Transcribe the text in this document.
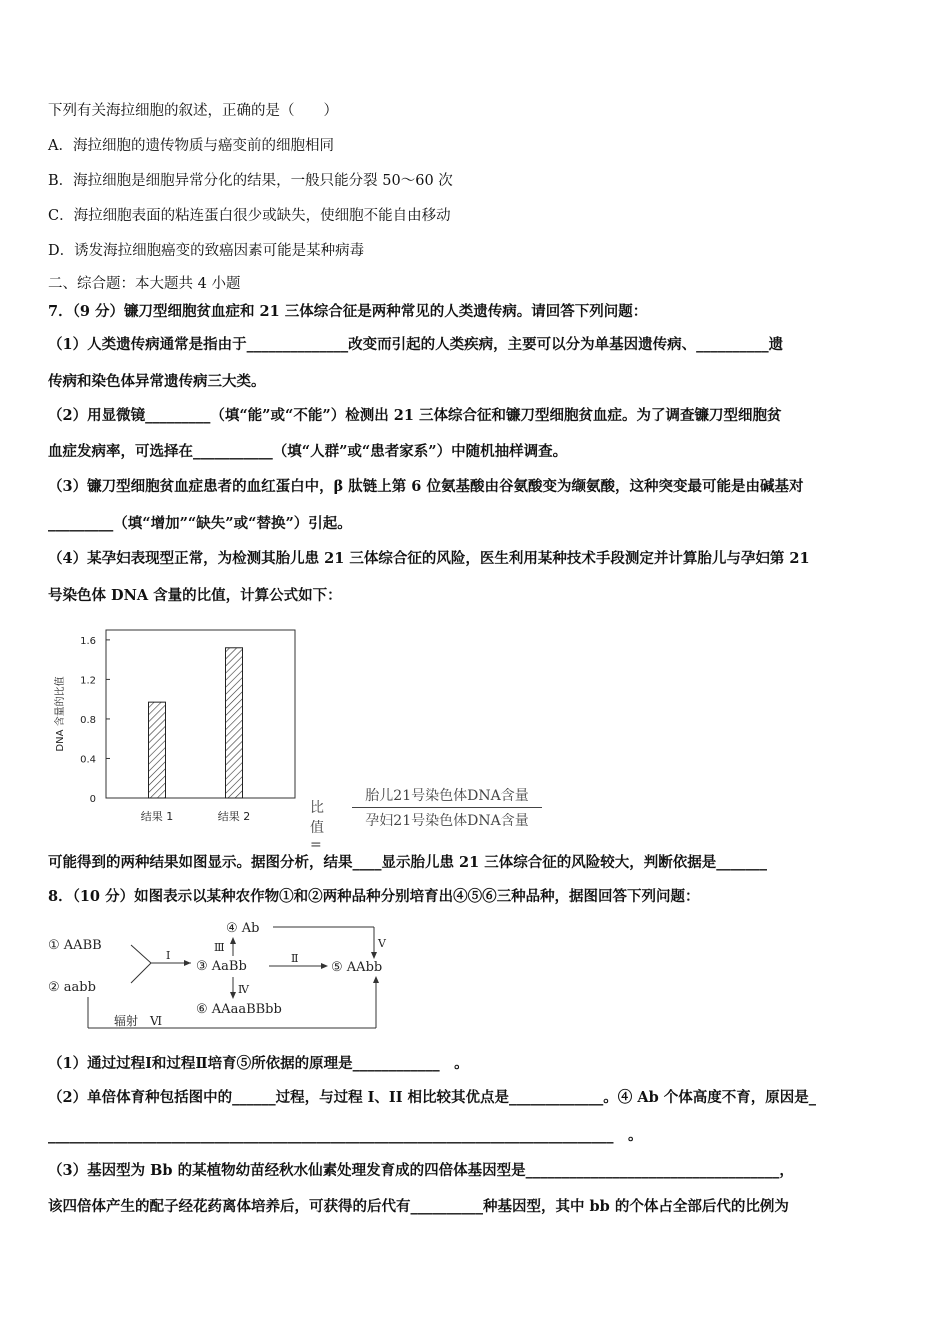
下列有关海拉细胞的叙述，正确的是（　　）
A．海拉细胞的遗传物质与癌变前的细胞相同
B．海拉细胞是细胞异常分化的结果，一般只能分裂 50～60 次
C．海拉细胞表面的粘连蛋白很少或缺失，使细胞不能自由移动
D．诱发海拉细胞癌变的致癌因素可能是某种病毒
二、综合题：本大题共 4 小题
7．（9 分）镰刀型细胞贫血症和 21 三体综合征是两种常见的人类遗传病。请回答下列问题：
（1）人类遗传病通常是指由于______________改变而引起的人类疾病，主要可以分为单基因遗传病、__________遗
传病和染色体异常遗传病三大类。
（2）用显微镜_________（填“能”或“不能”）检测出 21 三体综合征和镰刀型细胞贫血症。为了调查镰刀型细胞贫
血症发病率，可选择在___________（填“人群”或“患者家系”）中随机抽样调查。
（3）镰刀型细胞贫血症患者的血红蛋白中，β 肽链上第 6 位氨基酸由谷氨酸变为缬氨酸，这种突变最可能是由碱基对
_________（填“增加”“缺失”或“替换”）引起。
（4）某孕妇表现型正常，为检测其胎儿患 21 三体综合征的风险，医生利用某种技术手段测定并计算胎儿与孕妇第 21
号染色体 DNA 含量的比值，计算公式如下：
0
0.4
0.8
1.2
1.6
DNA 含量的比值
结果 1	结果 2
比值=
胎儿21号染色体DNA含量
孕妇21号染色体DNA含量
可能得到的两种结果如图显示。据图分析，结果____显示胎儿患 21 三体综合征的风险较大，判断依据是_______
8．（10 分）如图表示以某种农作物①和②两种品种分别培育出④⑤⑥三种品种，据图回答下列问题：
① AABB
② aabb
Ⅰ
③ AaBb
④ Ab
Ⅲ	Ⅴ
Ⅱ
⑤ AAbb
Ⅳ
⑥ AAaaBBbb
辐射　Ⅵ
（1）通过过程Ⅰ和过程Ⅱ培育⑤所依据的原理是____________　。
（2）单倍体育种包括图中的______过程，与过程 I、II 相比较其优点是_____________。④ Ab 个体高度不育，原因是_
______________________________________________________________________________　。
（3）基因型为 Bb 的某植物幼苗经秋水仙素处理发育成的四倍体基因型是___________________________________，
该四倍体产生的配子经花药离体培养后，可获得的后代有__________种基因型，其中 bb 的个体占全部后代的比例为
